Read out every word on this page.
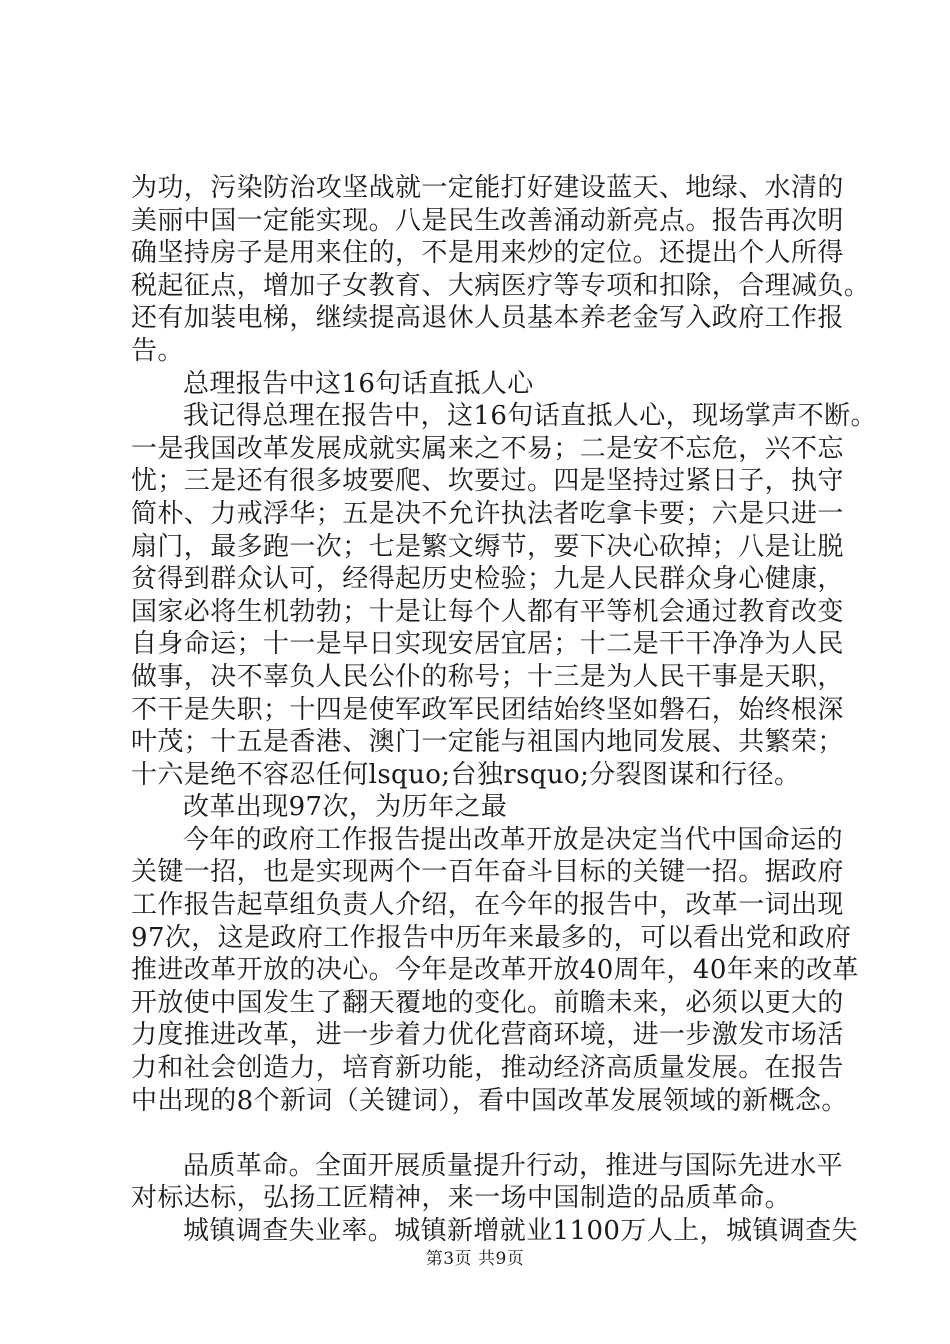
为功，污染防治攻坚战就一定能打好建设蓝天、地绿、水清的
美丽中国一定能实现。八是民生改善涌动新亮点。报告再次明
确坚持房子是用来住的，不是用来炒的定位。还提出个人所得
税起征点，增加子女教育、大病医疗等专项和扣除，合理减负。
还有加装电梯，继续提高退休人员基本养老金写入政府工作报
告。
总理报告中这16句话直抵人心
我记得总理在报告中，这16句话直抵人心，现场掌声不断。
一是我国改革发展成就实属来之不易；二是安不忘危，兴不忘
忧；三是还有很多坡要爬、坎要过。四是坚持过紧日子，执守
简朴、力戒浮华；五是决不允许执法者吃拿卡要；六是只进一
扇门，最多跑一次；七是繁文缛节，要下决心砍掉；八是让脱
贫得到群众认可，经得起历史检验；九是人民群众身心健康，
国家必将生机勃勃；十是让每个人都有平等机会通过教育改变
自身命运；十一是早日实现安居宜居；十二是干干净净为人民
做事，决不辜负人民公仆的称号；十三是为人民干事是天职，
不干是失职；十四是使军政军民团结始终坚如磐石，始终根深
叶茂；十五是香港、澳门一定能与祖国内地同发展、共繁荣；
十六是绝不容忍任何lsquo;台独rsquo;分裂图谋和行径。
改革出现97次，为历年之最
今年的政府工作报告提出改革开放是决定当代中国命运的
关键一招，也是实现两个一百年奋斗目标的关键一招。据政府
工作报告起草组负责人介绍，在今年的报告中，改革一词出现
97次，这是政府工作报告中历年来最多的，可以看出党和政府
推进改革开放的决心。今年是改革开放40周年，40年来的改革
开放使中国发生了翻天覆地的变化。前瞻未来，必须以更大的
力度推进改革，进一步着力优化营商环境，进一步激发市场活
力和社会创造力，培育新功能，推动经济高质量发展。在报告
中出现的8个新词（关键词），看中国改革发展领域的新概念。
品质革命。全面开展质量提升行动，推进与国际先进水平
对标达标，弘扬工匠精神，来一场中国制造的品质革命。
城镇调查失业率。城镇新增就业1100万人上，城镇调查失
第3页 共9页
